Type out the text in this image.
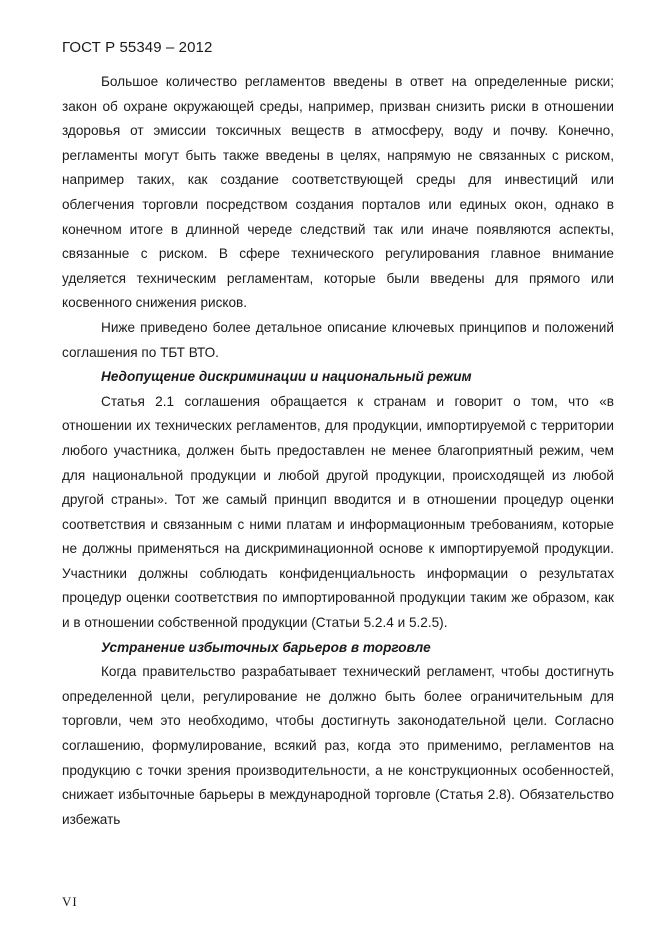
ГОСТ Р 55349 – 2012

Большое количество регламентов введены в ответ на определенные риски; закон об охране окружающей среды, например, призван снизить риски в отношении здоровья от эмиссии токсичных веществ в атмосферу, воду и почву. Конечно, регламенты могут быть также введены в целях, напрямую не связанных с риском, например таких, как создание соответствующей среды для инвестиций или облегчения торговли посредством создания порталов или единых окон, однако в конечном итоге в длинной череде следствий так или иначе появляются аспекты, связанные с риском. В сфере технического регулирования главное внимание уделяется техническим регламентам, которые были введены для прямого или косвенного снижения рисков.

Ниже приведено более детальное описание ключевых принципов и положений соглашения по ТБТ ВТО.

Недопущение дискриминации и национальный режим

Статья 2.1 соглашения обращается к странам и говорит о том, что «в отношении их технических регламентов, для продукции, импортируемой с территории любого участника, должен быть предоставлен не менее благоприятный режим, чем для национальной продукции и любой другой продукции, происходящей из любой другой страны». Тот же самый принцип вводится и в отношении процедур оценки соответствия и связанным с ними платам и информационным требованиям, которые не должны применяться на дискриминационной основе к импортируемой продукции. Участники должны соблюдать конфиденциальность информации о результатах процедур оценки соответствия по импортированной продукции таким же образом, как и в отношении собственной продукции (Статьи 5.2.4 и 5.2.5).

Устранение избыточных барьеров в торговле

Когда правительство разрабатывает технический регламент, чтобы достигнуть определенной цели, регулирование не должно быть более ограничительным для торговли, чем это необходимо, чтобы достигнуть законодательной цели. Согласно соглашению, формулирование, всякий раз, когда это применимо, регламентов на продукцию с точки зрения производительности, а не конструкционных особенностей, снижает избыточные барьеры в международной торговле (Статья 2.8). Обязательство избежать

VI
